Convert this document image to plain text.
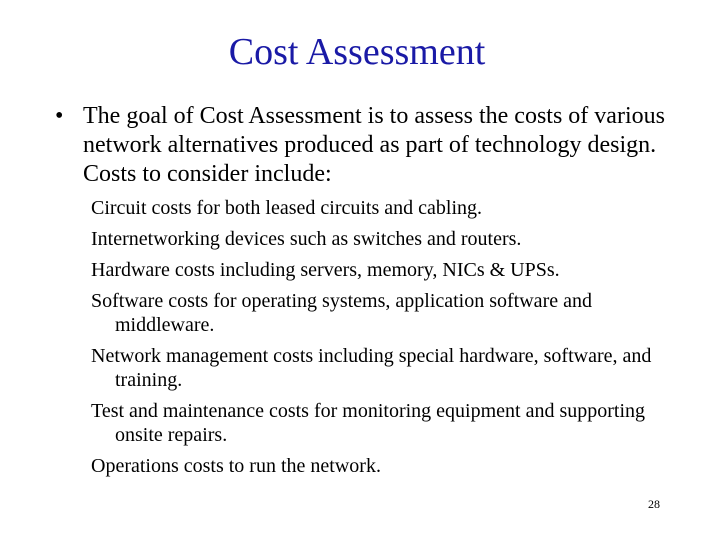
Cost Assessment
• The goal of Cost Assessment is to assess the costs of various network alternatives produced as part of technology design. Costs to consider include:
Circuit costs for both leased circuits and cabling.
Internetworking devices such as switches and routers.
Hardware costs including servers, memory, NICs & UPSs.
Software costs for operating systems, application software and middleware.
Network management costs including special hardware, software, and training.
Test and maintenance costs for monitoring equipment and supporting onsite repairs.
Operations costs to run the network.
28
